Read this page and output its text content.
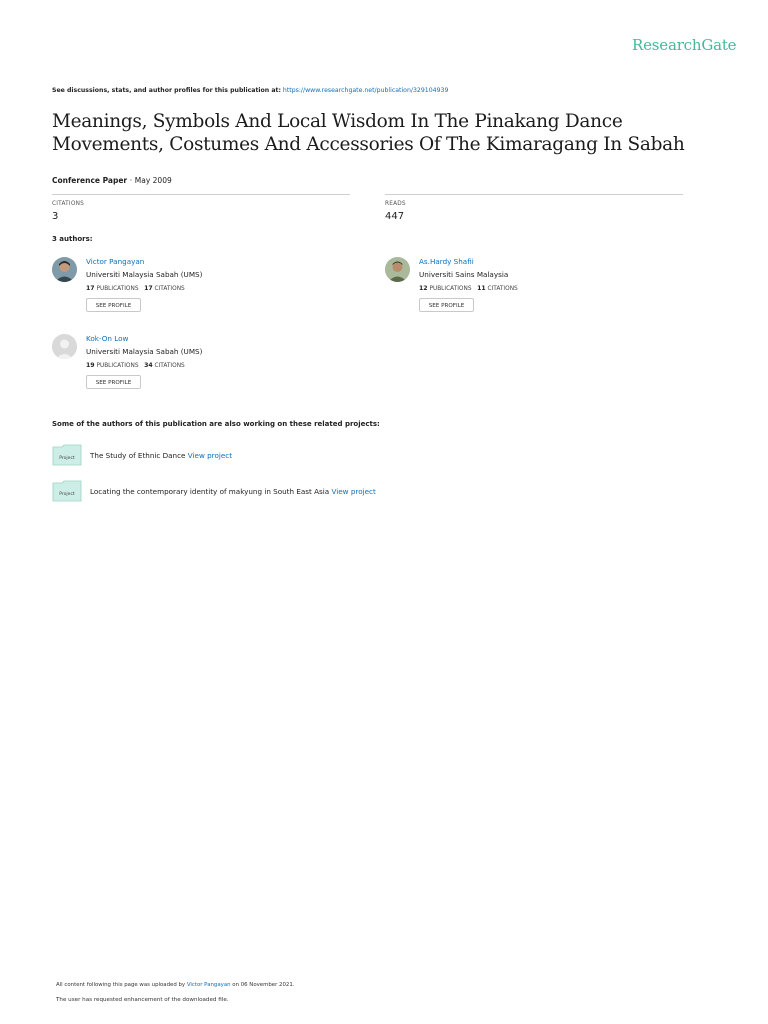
ResearchGate
See discussions, stats, and author profiles for this publication at: https://www.researchgate.net/publication/329104939
Meanings, Symbols And Local Wisdom In The Pinakang Dance Movements, Costumes And Accessories Of The Kimaragang In Sabah
Conference Paper · May 2009
CITATIONS
3
READS
447
3 authors:
Victor Pangayan
Universiti Malaysia Sabah (UMS)
17 PUBLICATIONS 17 CITATIONS
SEE PROFILE
As.Hardy Shafii
Universiti Sains Malaysia
12 PUBLICATIONS 11 CITATIONS
SEE PROFILE
Kok-On Low
Universiti Malaysia Sabah (UMS)
19 PUBLICATIONS 34 CITATIONS
SEE PROFILE
Some of the authors of this publication are also working on these related projects:
Project The Study of Ethnic Dance View project
Project Locating the contemporary identity of makyung in South East Asia View project
All content following this page was uploaded by Victor Pangayan on 06 November 2021.
The user has requested enhancement of the downloaded file.
